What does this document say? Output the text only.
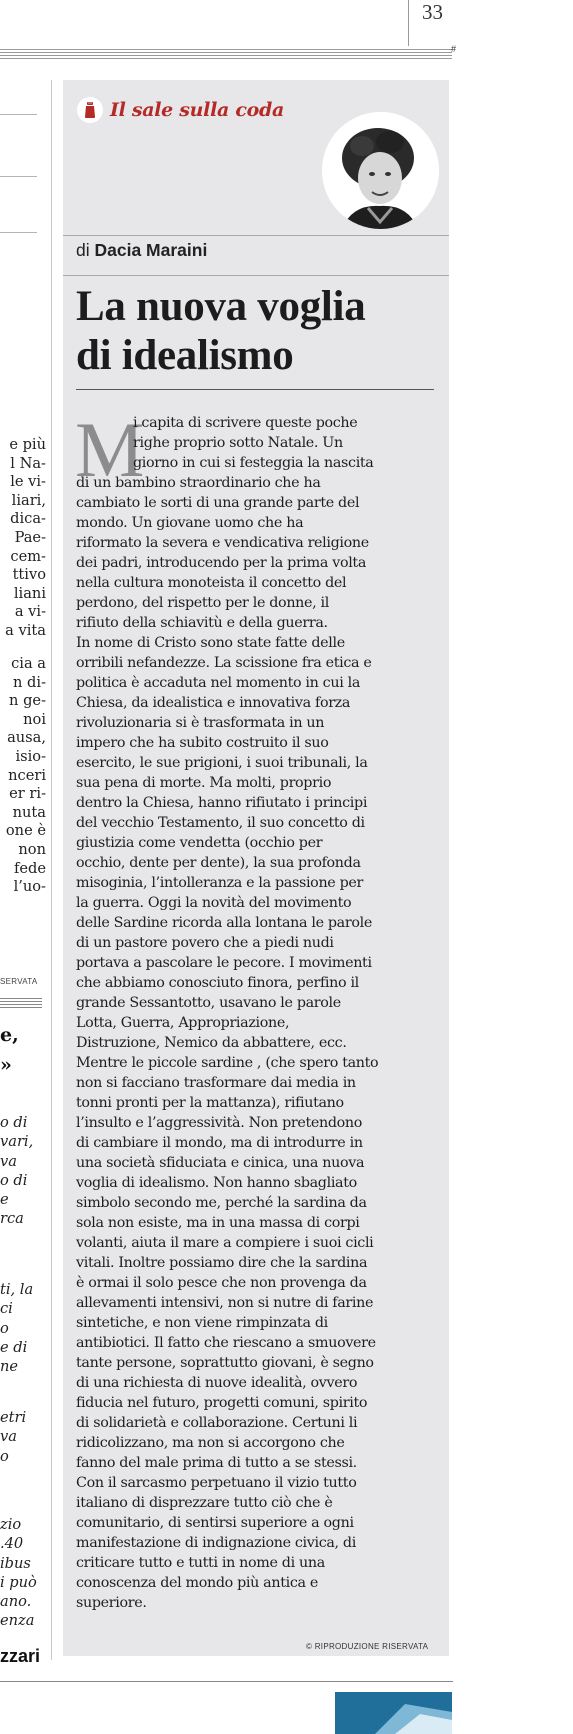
33
#
e più
l Na-
le vi-
liari,
dica-
Pae-
cem-
ttivo
liani
a vi-
a vita
cia a
n di-
n ge-
noi
ausa,
isio-
nceri
er ri-
nuta
one è
non
fede
l’uo-
SERVATA
e,
»
o di
vari,
va
o di
e
rca
ti, la
ci
o
e di
ne
etri
va
o
zio
.40
ibus
i può
ano.
enza
zzari
Il sale sulla coda
di Dacia Maraini
La nuova voglia
di idealismo
M
i capita di scrivere queste poche
righe proprio sotto Natale. Un
giorno in cui si festeggia la nascita
di un bambino straordinario che ha
cambiato le sorti di una grande parte del
mondo. Un giovane uomo che ha
riformato la severa e vendicativa religione
dei padri, introducendo per la prima volta
nella cultura monoteista il concetto del
perdono, del rispetto per le donne, il
rifiuto della schiavitù e della guerra.
In nome di Cristo sono state fatte delle
orribili nefandezze. La scissione fra etica e
politica è accaduta nel momento in cui la
Chiesa, da idealistica e innovativa forza
rivoluzionaria si è trasformata in un
impero che ha subito costruito il suo
esercito, le sue prigioni, i suoi tribunali, la
sua pena di morte. Ma molti, proprio
dentro la Chiesa, hanno rifiutato i principi
del vecchio Testamento, il suo concetto di
giustizia come vendetta (occhio per
occhio, dente per dente), la sua profonda
misoginia, l’intolleranza e la passione per
la guerra. Oggi la novità del movimento
delle Sardine ricorda alla lontana le parole
di un pastore povero che a piedi nudi
portava a pascolare le pecore. I movimenti
che abbiamo conosciuto finora, perfino il
grande Sessantotto, usavano le parole
Lotta, Guerra, Appropriazione,
Distruzione, Nemico da abbattere, ecc.
Mentre le piccole sardine , (che spero tanto
non si facciano trasformare dai media in
tonni pronti per la mattanza), rifiutano
l’insulto e l’aggressività. Non pretendono
di cambiare il mondo, ma di introdurre in
una società sfiduciata e cinica, una nuova
voglia di idealismo. Non hanno sbagliato
simbolo secondo me, perché la sardina da
sola non esiste, ma in una massa di corpi
volanti, aiuta il mare a compiere i suoi cicli
vitali. Inoltre possiamo dire che la sardina
è ormai il solo pesce che non provenga da
allevamenti intensivi, non si nutre di farine
sintetiche, e non viene rimpinzata di
antibiotici. Il fatto che riescano a smuovere
tante persone, soprattutto giovani, è segno
di una richiesta di nuove idealità, ovvero
fiducia nel futuro, progetti comuni, spirito
di solidarietà e collaborazione. Certuni li
ridicolizzano, ma non si accorgono che
fanno del male prima di tutto a se stessi.
Con il sarcasmo perpetuano il vizio tutto
italiano di disprezzare tutto ciò che è
comunitario, di sentirsi superiore a ogni
manifestazione di indignazione civica, di
criticare tutto e tutti in nome di una
conoscenza del mondo più antica e
superiore.
© RIPRODUZIONE RISERVATA
